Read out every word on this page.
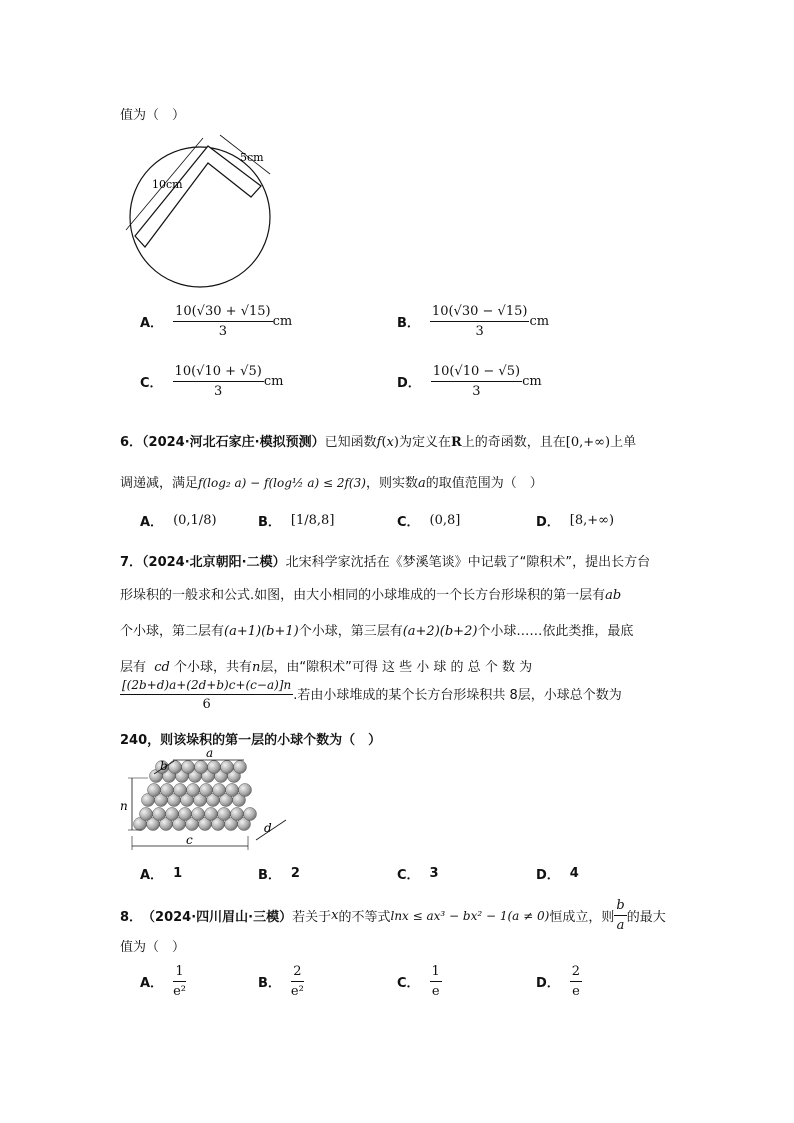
值为（　）
10cm
5cm
A． $\frac{10(√30 + √15)}{3}$ cm	B． $\frac{10(√30 - √15)}{3}$ cm
C． $\frac{10(√10 + √5)}{3}$ cm	D． $\frac{10(√10 - √5)}{3}$ cm
6．（2024·河北石家庄·模拟预测）已知函数f(x)为定义在R上的奇函数，且在[0,+∞)上单
调递减，满足f(log₂ a) − f(log½ a) ≤ 2f(3)，则实数a的取值范围为（　）
A． (0,1/8)	B． [1/8,8]	C． (0,8]	D． [8,+∞)
7．（2024·北京朝阳·二模）北宋科学家沈括在《梦溪笔谈》中记载了“隙积术”，提出长方台
形垛积的一般求和公式.如图，由大小相同的小球堆成的一个长方台形垛积的第一层有ab
个小球，第二层有(a+1)(b+1)个小球，第三层有(a+2)(b+2)个小球……依此类推，最底
层有 cd 个小球，共有n层，由“隙积术”可得 这 些 小 球 的 总 个 数 为
$\frac{[(2b+d)a+(2d+b)c+(c-a)]n}{6}$ .若由小球堆成的某个长方台形垛积共 8层，小球总个数为
240，则该垛积的第一层的小球个数为（　）
a
b
n
c
d
A． 1	B． 2	C． 3	D． 4
8． （2024·四川眉山·三模） 若关于 x 的不等式 lnx ≤ ax³ − bx² − 1(a ≠ 0) 恒成立，则 $\frac{b}{a}$ 的最大
值为（　）
A． $\frac{1}{\text{e²}}$	B． $\frac{2}{\text{e²}}$	C． $\frac{1}{e}$	D． $\frac{2}{e}$
